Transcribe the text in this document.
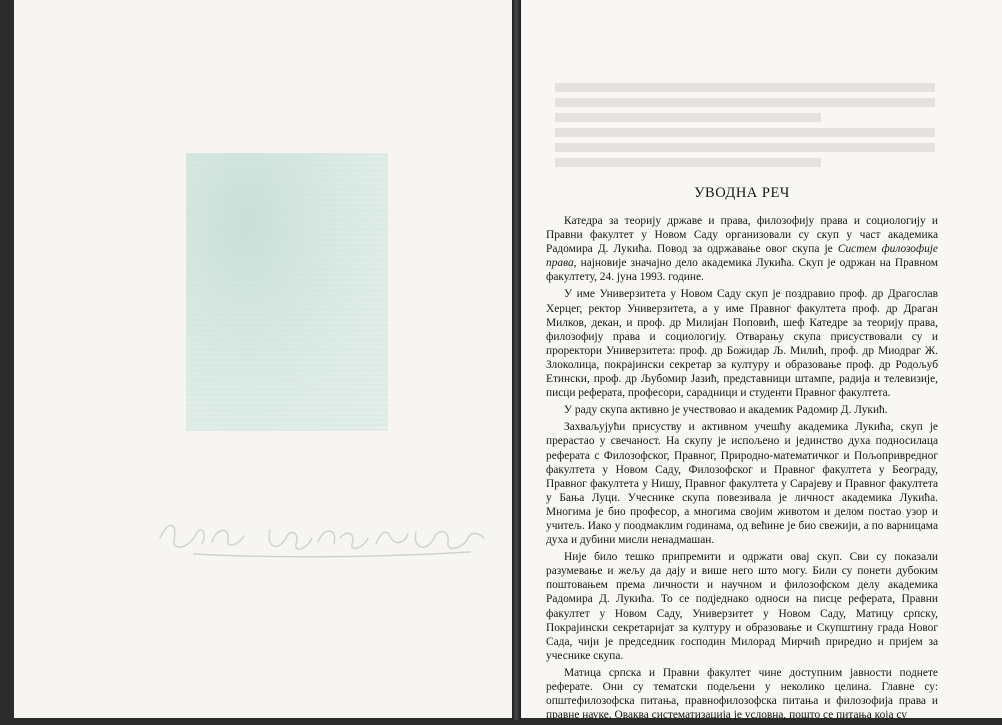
УВОДНА РЕЧ

Катедра за теорију државе и права, филозофију права и социологију и Правни факултет у Новом Саду организовали су скуп у част академика Радомира Д. Лукића. Повод за одржавање овог скупа је Систем филозофије права, најновије значајно дело академика Лукића. Скуп је одржан на Правном факултету, 24. јуна 1993. године.

У име Универзитета у Новом Саду скуп је поздравио проф. др Драгослав Херцег, ректор Универзитета, а у име Правног факултета проф. др Драган Милков, декан, и проф. др Милијан Поповић, шеф Катедре за теорију права, филозофију права и социологију. Отварању скупа присуствовали су и проректори Универзитета: проф. др Божидар Љ. Милић, проф. др Миодраг Ж. Злоколица, покрајински секретар за културу и образовање проф. др Родољуб Етински, проф. др Љубомир Јазић, представници штампе, радија и телевизије, писци реферата, професори, сарадници и студенти Правног факултета.

У раду скупа активно је учествовао и академик Радомир Д. Лукић.

Захваљујући присуству и активном учешћу академика Лукића, скуп је прерастао у свечаност. На скупу је испољено и јединство духа подносилаца реферата с Филозофског, Правног, Природно-математичког и Пољопривредног факултета у Новом Саду, Филозофског и Правног факултета у Београду, Правног факултета у Нишу, Правног факултета у Сарајеву и Правног факултета у Бања Луци. Учеснике скупа повезивала је личност академика Лукића. Многима је био професор, а многима својим животом и делом постао узор и учитељ. Иако у поодмаклим годинама, од већине је био свежији, а по варницама духа и дубини мисли ненадмашан.

Није било тешко припремити и одржати овај скуп. Сви су показали разумевање и жељу да дају и више него што могу. Били су понети дубоким поштовањем према личности и научном и филозофском делу академика Радомира Д. Лукића. То се подједнако односи на писце реферата, Правни факултет у Новом Саду, Универзитет у Новом Саду, Матицу српску, Покрајински секретаријат за културу и образовање и Скупштину града Новог Сада, чији је председник господин Милорад Мирчић приредио и пријем за учеснике скупа.

Матица српска и Правни факултет чине доступним јавности поднете реферате. Они су тематски подељени у неколико целина. Главне су: општефилозофска питања, правнофилозофска питања и филозофија права и правне науке. Оваква систематизација је условна, пошто се питања која су
